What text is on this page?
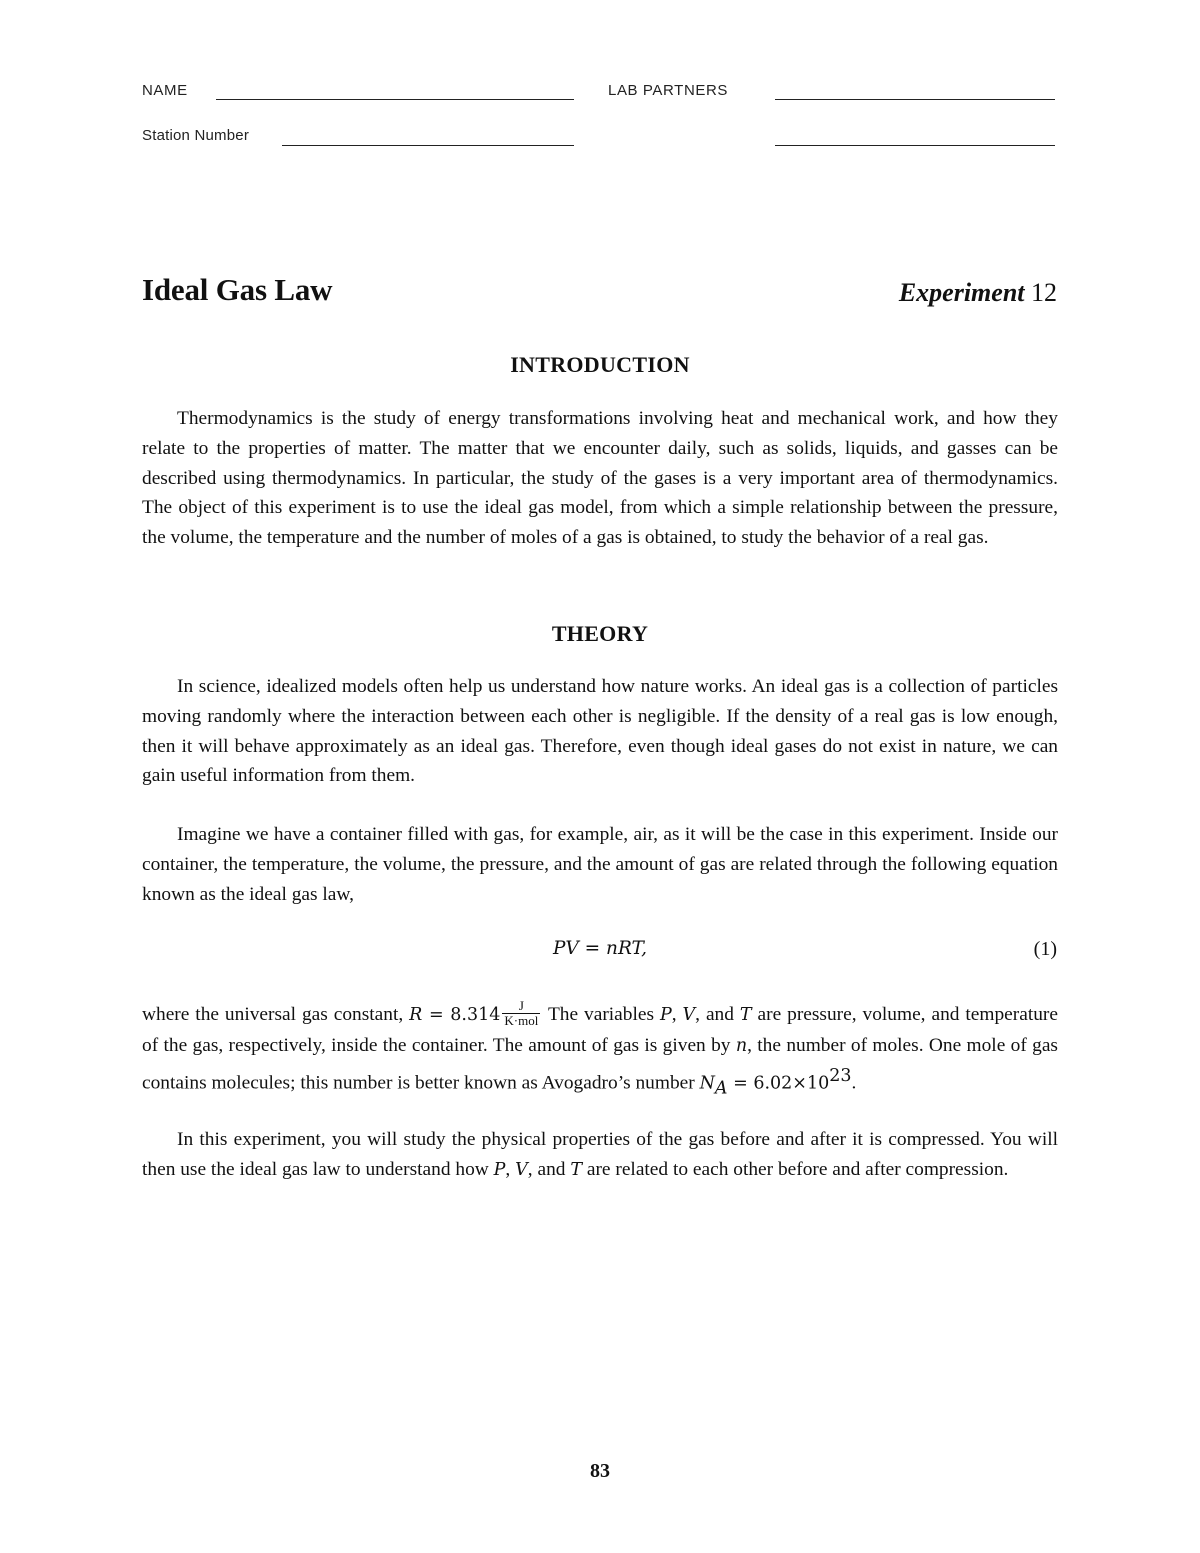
NAME	LAB PARTNERS
Station Number
Ideal Gas Law	Experiment 12
INTRODUCTION

Thermodynamics is the study of energy transformations involving heat and mechanical work, and how they relate to the properties of matter. The matter that we encounter daily, such as solids, liquids, and gasses can be described using thermodynamics. In particular, the study of the gases is a very important area of thermodynamics. The object of this experiment is to use the ideal gas model, from which a simple relationship between the pressure, the volume, the temperature and the number of moles of a gas is obtained, to study the behavior of a real gas.

THEORY

In science, idealized models often help us understand how nature works. An ideal gas is a collection of particles moving randomly where the interaction between each other is negligible. If the density of a real gas is low enough, then it will behave approximately as an ideal gas. Therefore, even though ideal gases do not exist in nature, we can gain useful information from them.

Imagine we have a container filled with gas, for example, air, as it will be the case in this experiment. Inside our container, the temperature, the volume, the pressure, and the amount of gas are related through the following equation known as the ideal gas law,

PV = nRT,	(1)

where the universal gas constant, $R = 8.314 \frac{J}{\text{K·mol}}$ The variables P, V, and T are pressure, volume, and temperature of the gas, respectively, inside the container. The amount of gas is given by n, the number of moles. One mole of gas contains molecules; this number is better known as Avogadro’s number $N_A = 6.02\times 10^{23}$.

In this experiment, you will study the physical properties of the gas before and after it is compressed. You will then use the ideal gas law to understand how P, V, and T are related to each other before and after compression.

83
